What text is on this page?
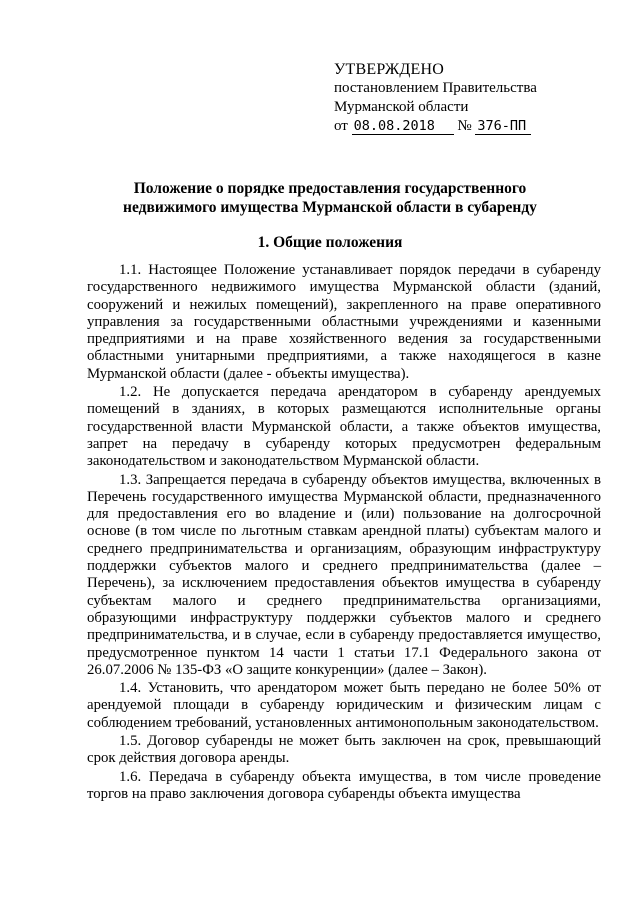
УТВЕРЖДЕНО
постановлением Правительства
Мурманской области
от 08.08.2018 № 376-ПП
Положение о порядке предоставления государственного
недвижимого имущества Мурманской области в субаренду
1. Общие положения

1.1. Настоящее Положение устанавливает порядок передачи в субаренду государственного недвижимого имущества Мурманской области (зданий, сооружений и нежилых помещений), закрепленного на праве оперативного управления за государственными областными учреждениями и казенными предприятиями и на праве хозяйственного ведения за государственными областными унитарными предприятиями, а также находящегося в казне Мурманской области (далее - объекты имущества).

1.2. Не допускается передача арендатором в субаренду арендуемых помещений в зданиях, в которых размещаются исполнительные органы государственной власти Мурманской области, а также объектов имущества, запрет на передачу в субаренду которых предусмотрен федеральным законодательством и законодательством Мурманской области.

1.3. Запрещается передача в субаренду объектов имущества, включенных в Перечень государственного имущества Мурманской области, предназначенного для предоставления его во владение и (или) пользование на долгосрочной основе (в том числе по льготным ставкам арендной платы) субъектам малого и среднего предпринимательства и организациям, образующим инфраструктуру поддержки субъектов малого и среднего предпринимательства (далее – Перечень), за исключением предоставления объектов имущества в субаренду субъектам малого и среднего предпринимательства организациями, образующими инфраструктуру поддержки субъектов малого и среднего предпринимательства, и в случае, если в субаренду предоставляется имущество, предусмотренное пунктом 14 части 1 статьи 17.1 Федерального закона от 26.07.2006 № 135-ФЗ «О защите конкуренции» (далее – Закон).

1.4. Установить, что арендатором может быть передано не более 50% от арендуемой площади в субаренду юридическим и физическим лицам с соблюдением требований, установленных антимонопольным законодательством.

1.5. Договор субаренды не может быть заключен на срок, превышающий срок действия договора аренды.

1.6. Передача в субаренду объекта имущества, в том числе проведение торгов на право заключения договора субаренды объекта имущества
